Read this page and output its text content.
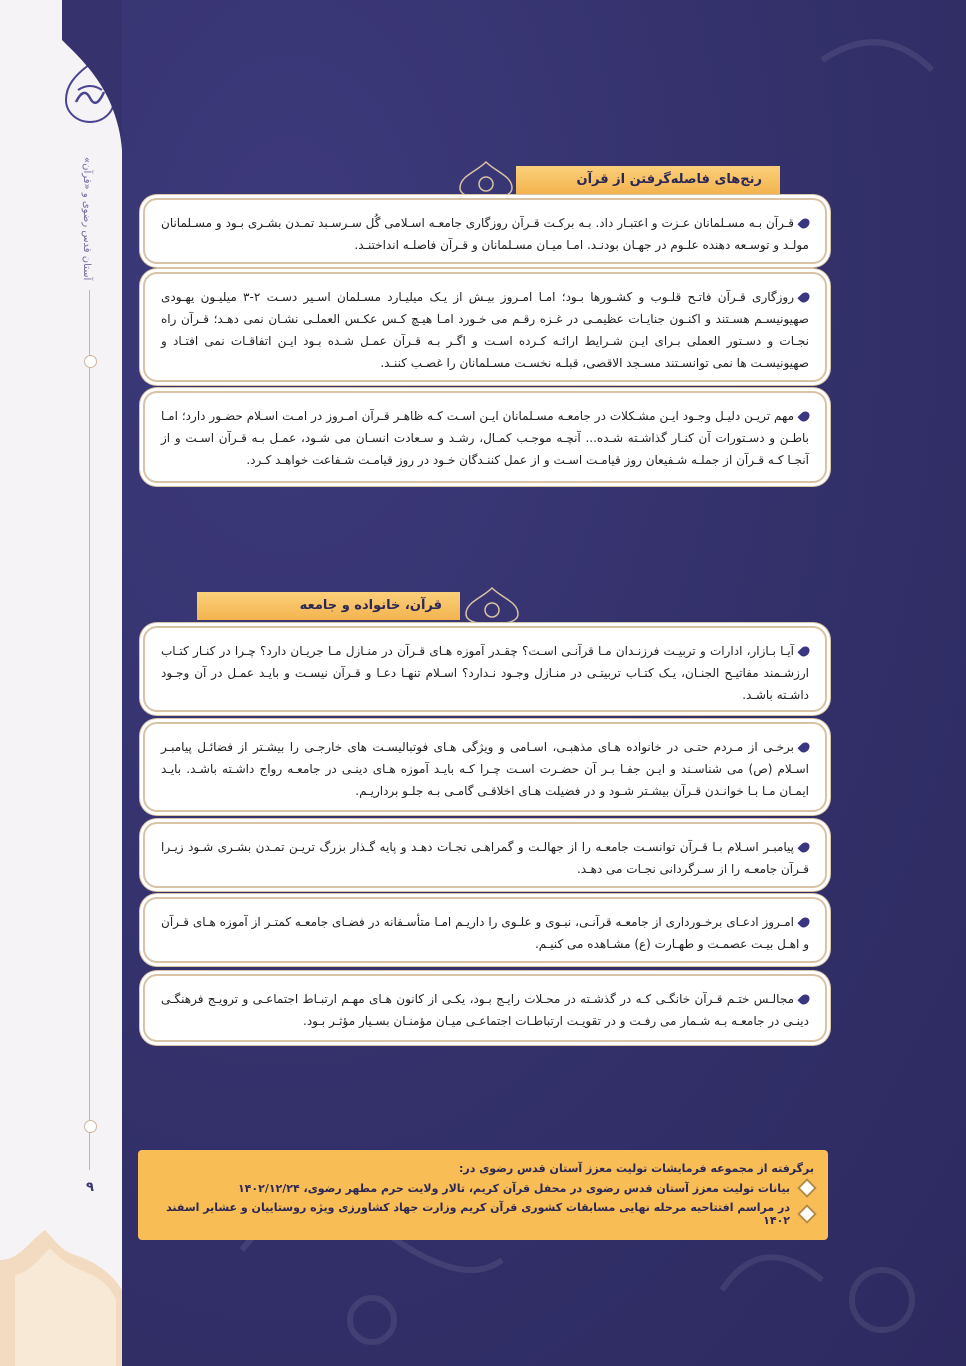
آستان قدس رضوی و «قرآن»
۹
رنج‌های فاصله‌گرفتن از قرآن

قـرآن بـه مسـلمانان عـزت و اعتبـار داد. بـه برکـت قـرآن روزگاری جامعـه اسـلامی گُل سـرسـبد تمـدن بشـری بـود و مسـلمانان مولـد و توسـعه دهنده علـوم در جهـان بودنـد. امـا میـان مسـلمانان و قـرآن فاصلـه انداختنـد.

روزگاری قـرآن فاتـح قلـوب و کشـورها بـود؛ امـا امـروز بیـش از یـک میلیـارد مسـلمان اسـیر دسـت ۲-۳ میلیـون یهـودی صهیونیسـم هسـتند و اکنـون جنایـات عظیمـی در غـزه رقـم می خـورد امـا هیـچ کـس عکـس العملـی نشـان نمی دهـد؛ قـرآن راه نجـات و دسـتور العملی بـرای ایـن شـرایط ارائـه کـرده اسـت و اگـر بـه قـرآن عمـل شـده بـود ایـن اتفاقـات نمی افتـاد و صهیونیسـت ها نمی توانسـتند مسـجد الاقصی، قبلـه نخسـت مسـلمانان را غصـب کننـد.

مهم تریـن دلیـل وجـود ایـن مشـکلات در جامعـه مسـلمانان ایـن اسـت کـه ظاهـر قـرآن امـروز در امـت اسـلام حضـور دارد؛ امـا باطـن و دسـتورات آن کنـار گذاشـته شـده... آنچـه موجـب کمـال، رشـد و سـعادت انسـان می شـود، عمـل بـه قـرآن اسـت و از آنجـا کـه قـرآن از جملـه شـفیعان روز قیامـت اسـت و از عمل کننـدگان خـود در روز قیامـت شـفاعت خواهـد کـرد.

قرآن، خانواده و جامعه

آیـا بـازار، ادارات و تربیـت فرزنـدان مـا قرآنـی اسـت؟ چقـدر آموزه هـای قـرآن در منـازل مـا جریـان دارد؟ چـرا در کنـار کتـاب ارزشـمند مفاتیـح الجنـان، یـک کتـاب تربیتـی در منـازل وجـود نـدارد؟ اسـلام تنهـا دعـا و قـرآن نیسـت و بایـد عمـل در آن وجـود داشـته باشـد.

برخـی از مـردم حتـی در خانواده هـای مذهبـی، اسـامی و ویژگی هـای فوتبالیسـت های خارجـی را بیشـتر از فضائـل پیامبـر اسـلام (ص) می شناسـند و ایـن جفـا بـر آن حضـرت اسـت چـرا کـه بایـد آموزه هـای دینـی در جامعـه رواج داشـته باشـد. بایـد ایمـان مـا بـا خوانـدن قـرآن بیشـتر شـود و در فضیلت هـای اخلاقـی گامـی بـه جلـو برداریـم.

پیامبـر اسـلام بـا قـرآن توانسـت جامعـه را از جهالـت و گمراهـی نجـات دهـد و پایه گـذار بزرگ تریـن تمـدن بشـری شـود زیـرا قـرآن جامعـه را از سـرگردانی نجـات می دهـد.

امـروز ادعـای برخـورداری از جامعـه قرآنـی، نبـوی و علـوی را داریـم امـا متأسـفانه در فضـای جامعـه کمتـر از آموزه هـای قـرآن و اهـل بیـت عصمـت و طهـارت (ع) مشـاهده می کنیـم.

مجالـس ختـم قـرآن خانگـی کـه در گذشـته در محـلات رایـج بـود، یکـی از کانون هـای مهـم ارتبـاط اجتماعـی و ترویـج فرهنگـی دینـی در جامعـه بـه شـمار می رفـت و در تقویـت ارتباطـات اجتماعـی میـان مؤمنـان بسـیار مؤثـر بـود.

برگرفته از مجموعه فرمایشات تولیت معزز آستان قدس رضوی در:
بیانات تولیت معزز آستان قدس رضوی در محفل قرآن کریم، تالار ولایت حرم مطهر رضوی، ۱۴۰۲/۱۲/۲۴
در مراسم افتتاحیه مرحله نهایی مسابقات کشوری قرآن کریم وزارت جهاد کشاورزی ویژه روستاییان و عشایر اسفند ۱۴۰۲
